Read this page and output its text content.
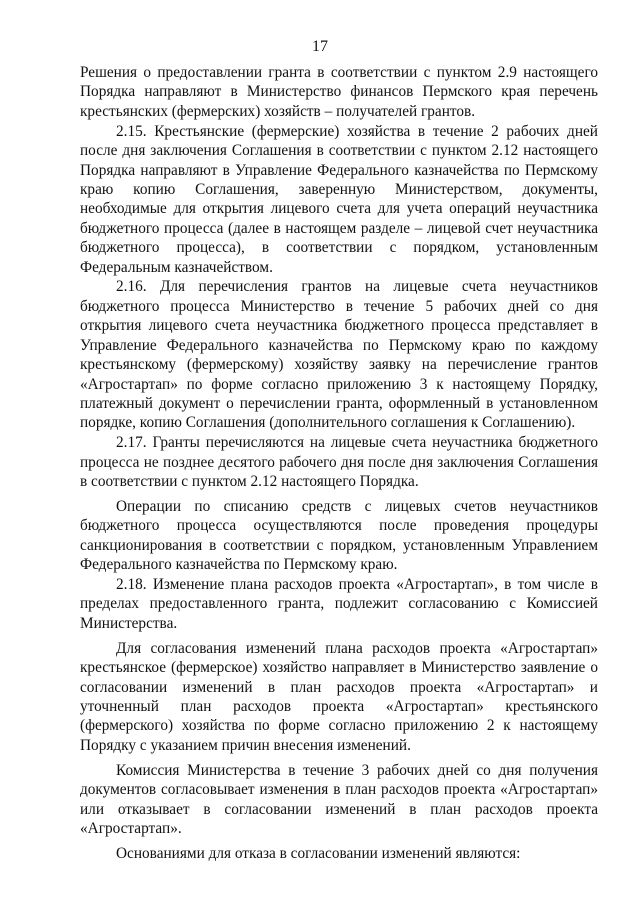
17

Решения о предоставлении гранта в соответствии с пунктом 2.9 настоящего Порядка направляют в Министерство финансов Пермского края перечень крестьянских (фермерских) хозяйств – получателей грантов.

2.15. Крестьянские (фермерские) хозяйства в течение 2 рабочих дней после дня заключения Соглашения в соответствии с пунктом 2.12 настоящего Порядка направляют в Управление Федерального казначейства по Пермскому краю копию Соглашения, заверенную Министерством, документы, необходимые для открытия лицевого счета для учета операций неучастника бюджетного процесса (далее в настоящем разделе – лицевой счет неучастника бюджетного процесса), в соответствии с порядком, установленным Федеральным казначейством.

2.16. Для перечисления грантов на лицевые счета неучастников бюджетного процесса Министерство в течение 5 рабочих дней со дня открытия лицевого счета неучастника бюджетного процесса представляет в Управление Федерального казначейства по Пермскому краю по каждому крестьянскому (фермерскому) хозяйству заявку на перечисление грантов «Агростартап» по форме согласно приложению 3 к настоящему Порядку, платежный документ о перечислении гранта, оформленный в установленном порядке, копию Соглашения (дополнительного соглашения к Соглашению).

2.17. Гранты перечисляются на лицевые счета неучастника бюджетного процесса не позднее десятого рабочего дня после дня заключения Соглашения в соответствии с пунктом 2.12 настоящего Порядка.

Операции по списанию средств с лицевых счетов неучастников бюджетного процесса осуществляются после проведения процедуры санкционирования в соответствии с порядком, установленным Управлением Федерального казначейства по Пермскому краю.

2.18. Изменение плана расходов проекта «Агростартап», в том числе в пределах предоставленного гранта, подлежит согласованию с Комиссией Министерства.

Для согласования изменений плана расходов проекта «Агростартап» крестьянское (фермерское) хозяйство направляет в Министерство заявление о согласовании изменений в план расходов проекта «Агростартап» и уточненный план расходов проекта «Агростартап» крестьянского (фермерского) хозяйства по форме согласно приложению 2 к настоящему Порядку с указанием причин внесения изменений.

Комиссия Министерства в течение 3 рабочих дней со дня получения документов согласовывает изменения в план расходов проекта «Агростартап» или отказывает в согласовании изменений в план расходов проекта «Агростартап».

Основаниями для отказа в согласовании изменений являются:
